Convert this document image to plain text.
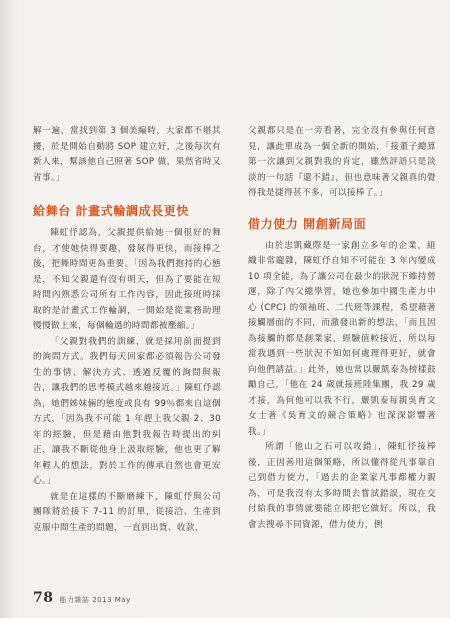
解一遍，當找到第 3 個美編時，大家都不堪其擾，於是開始自動將 SOP 建立好，之後每次有新人來，幫該他自己照著 SOP 做，果然省時又省事。」

給舞台 計畫式輪調成長更快

陳虹伃認為，父親提供給她一個很好的舞台，才使她快得要趣，發展得更快，而接棒之後，把舞時間更為重要。「因為我們抱持的心態是，不知父親還有沒有明天，但為了要能在短時間內熟悉公司所有工作內容，因此接班時採取的是計畫式工作輪調，一開始是從業務助理慢慢做上來，每個輪過的時間都被壓縮。」

「父親對我們的訓練，就是採用前面提到的詢問方式。我們每天回家都必須報告公司發生的事情、解決方式、透過反覆的詢問與報告，讓我們的思考模式越來越接近。」陳虹伃認為，她們姊妹倆的態度或良有 99％都來自這個方式，「因為我不可能 1 年趕上我父親 2、30 年的經驗，但是藉由他對我報告時提出的糾正，讓我不斷從他身上汲取經驗，他也更了解年輕人的想法，對於工作的傳承自然也會更安心。」

就是在這樣的不斷磨練下，陳虹伃與公司團隊將於接下 7-11 的訂單，從接洽、生產到克服中間生產的問題，一直到出貨、收款，

父親都只是在一旁看著，完全沒有參與任何意見，讓此單成為一個全新的開始，「接董子總算第一次讓到父親對我的肯定，雖然評語只是淡淡的一句話『還不錯』，但也意味著父親真的覺得我是捷得甚不多，可以接棒了。」

借力使力 開創新局面

由於忠凱藏際是一家創立多年的企業，組織非常龐雜，陳虹伃自知不可能在 3 年內變成 10 項全能，為了讓公司在最少的狀況下維持營運，除了內父總學習，她也參加中國生產力中心 (CPC) 的領袖班、二代班等課程，希望藉著接觸層面的不同，而激發出新的想法，「而且因為接觸的都是創業家，經驗值較接近，所以每當我遇到一些狀況不知如何處理得更好，就會向他們請益。」此外，她也常以嚴凱泰為榜樣鼓勵自己，「他在 24 歲就接班陸集團，我 29 歲才接，為何他可以我不行，嚴凱泰每親吳育文女士著《吳育文的競合策略》也深深影響著我。」

所謂「他山之石可以攻錯」，陳虹伃接棒後，正因善用這個策略，所以懂得從凡事靠自己到借力使力，「過去的企業家凡事都權力親為，可是我沒有太多時間去嘗試錯誤，現在交付給我的事情就要能立即把它做好。所以，我會去搜尋不同資源，借力使力，例

78 能力雜誌 2013 May
